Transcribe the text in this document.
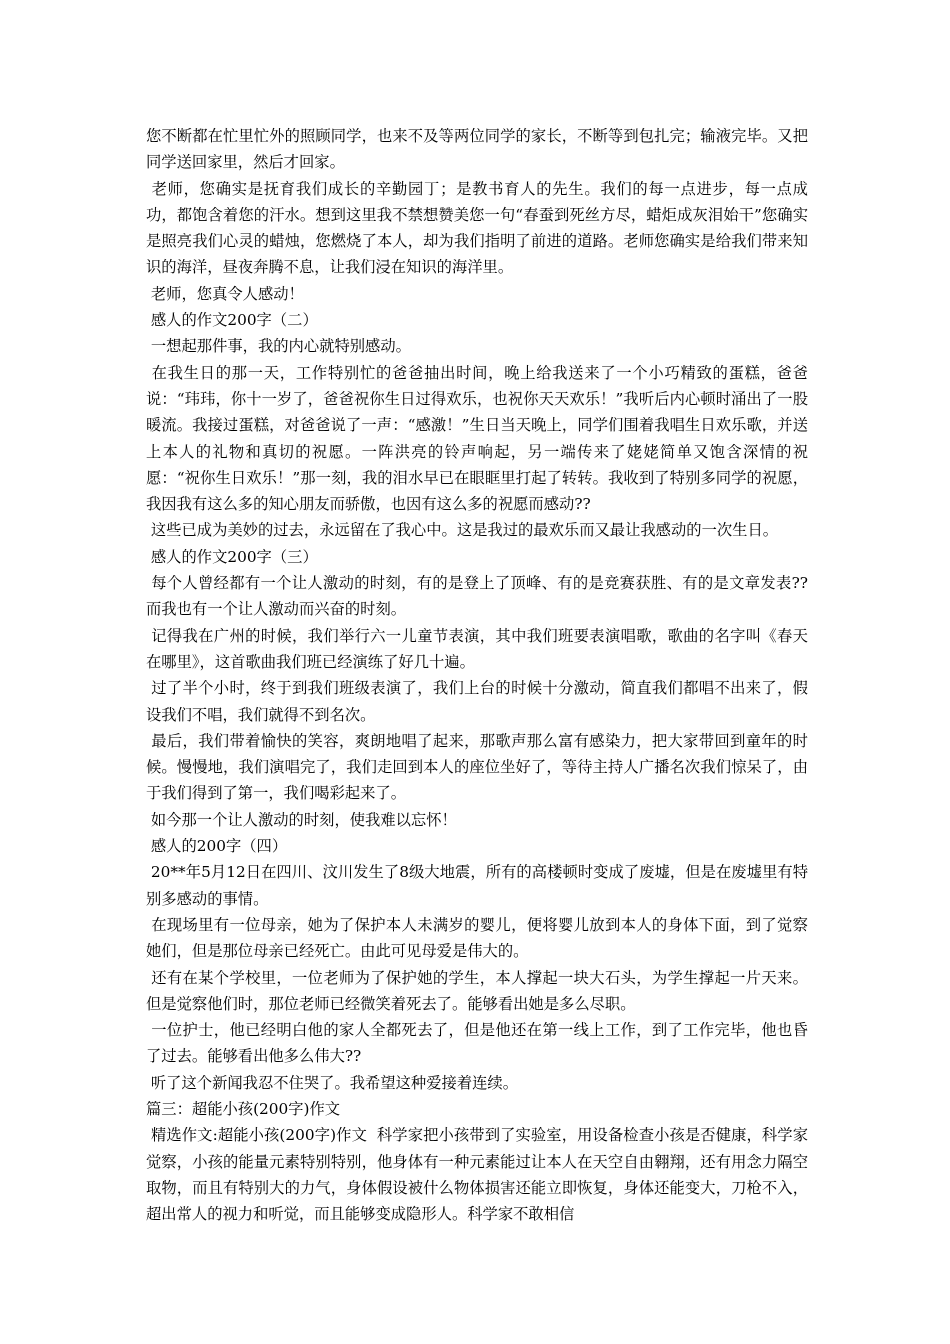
您不断都在忙里忙外的照顾同学，也来不及等两位同学的家长，不断等到包扎完；输液完毕。又把同学送回家里，然后才回家。

老师，您确实是抚育我们成长的辛勤园丁；是教书育人的先生。我们的每一点进步，每一点成功，都饱含着您的汗水。想到这里我不禁想赞美您一句“春蚕到死丝方尽，蜡炬成灰泪始干”您确实是照亮我们心灵的蜡烛，您燃烧了本人，却为我们指明了前进的道路。老师您确实是给我们带来知识的海洋，昼夜奔腾不息，让我们浸在知识的海洋里。

老师，您真令人感动！

感人的作文200字（二）

一想起那件事，我的内心就特别感动。

在我生日的那一天，工作特别忙的爸爸抽出时间，晚上给我送来了一个小巧精致的蛋糕，爸爸说：“玮玮，你十一岁了，爸爸祝你生日过得欢乐，也祝你天天欢乐！”我听后内心顿时涌出了一股暖流。我接过蛋糕，对爸爸说了一声：“感激！”生日当天晚上，同学们围着我唱生日欢乐歌，并送上本人的礼物和真切的祝愿。一阵洪亮的铃声响起，另一端传来了姥姥简单又饱含深情的祝愿：“祝你生日欢乐！”那一刻，我的泪水早已在眼眶里打起了转转。我收到了特别多同学的祝愿，我因我有这么多的知心朋友而骄傲，也因有这么多的祝愿而感动??

这些已成为美妙的过去，永远留在了我心中。这是我过的最欢乐而又最让我感动的一次生日。

感人的作文200字（三）

每个人曾经都有一个让人激动的时刻，有的是登上了顶峰、有的是竞赛获胜、有的是文章发表??而我也有一个让人激动而兴奋的时刻。

记得我在广州的时候，我们举行六一儿童节表演，其中我们班要表演唱歌，歌曲的名字叫《春天在哪里》，这首歌曲我们班已经演练了好几十遍。

过了半个小时，终于到我们班级表演了，我们上台的时候十分激动，简直我们都唱不出来了，假设我们不唱，我们就得不到名次。

最后，我们带着愉快的笑容，爽朗地唱了起来，那歌声那么富有感染力，把大家带回到童年的时候。慢慢地，我们演唱完了，我们走回到本人的座位坐好了，等待主持人广播名次我们惊呆了，由于我们得到了第一，我们喝彩起来了。

如今那一个让人激动的时刻，使我难以忘怀！

感人的200字（四）

20**年5月12日在四川、汶川发生了8级大地震，所有的高楼顿时变成了废墟，但是在废墟里有特别多感动的事情。

在现场里有一位母亲，她为了保护本人未满岁的婴儿，便将婴儿放到本人的身体下面，到了觉察她们，但是那位母亲已经死亡。由此可见母爱是伟大的。

还有在某个学校里，一位老师为了保护她的学生，本人撑起一块大石头，为学生撑起一片天来。但是觉察他们时，那位老师已经微笑着死去了。能够看出她是多么尽职。

一位护士，他已经明白他的家人全都死去了，但是他还在第一线上工作，到了工作完毕，他也昏了过去。能够看出他多么伟大??

听了这个新闻我忍不住哭了。我希望这种爱接着连续。

篇三：超能小孩(200字)作文

精选作文:超能小孩(200字)作文  科学家把小孩带到了实验室，用设备检查小孩是否健康，科学家觉察，小孩的能量元素特别特别，他身体有一种元素能过让本人在天空自由翱翔，还有用念力隔空取物，而且有特别大的力气，身体假设被什么物体损害还能立即恢复，身体还能变大，刀枪不入，超出常人的视力和听觉，而且能够变成隐形人。科学家不敢相信
